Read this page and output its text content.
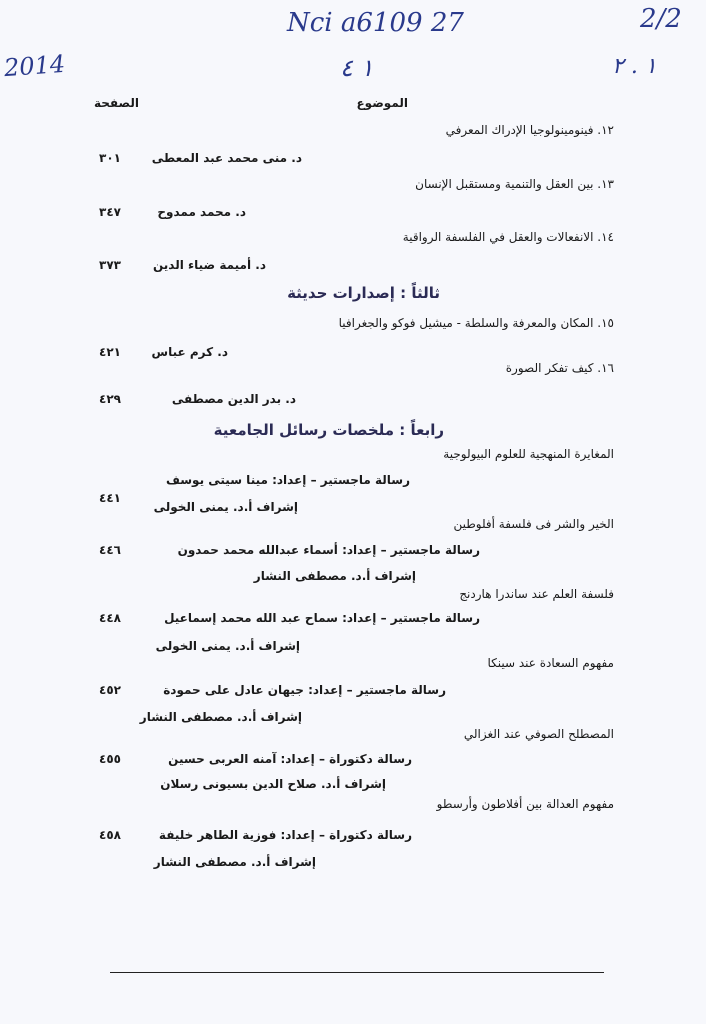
Nci a6109 27
2014	١ ٤
2/2
١ . ٢
الموضوع
الصفحة
١٢. فينومينولوجيا الإدراك المعرفي
د. منى محمد عبد المعطى
٣٠١
١٣. بين العقل والتنمية ومستقبل الإنسان
د. محمد ممدوح
٣٤٧
١٤. الانفعالات والعقل في الفلسفة الرواقية
د. أميمة ضياء الدين
٣٧٣
ثالثاً : إصدارات حديثة
١٥. المكان والمعرفة والسلطة - ميشيل فوكو والجغرافيا
د. كرم عباس
٤٢١
١٦. كيف تفكر الصورة
د. بدر الدين مصطفى
٤٢٩
رابعاً : ملخصات رسائل الجامعية
المغايرة المنهجية للعلوم البيولوجية
رسالة ماجستير – إعداد: مينا سيتى يوسف
٤٤١
إشراف أ.د. يمنى الخولى
الخير والشر فى فلسفة أفلوطين
رسالة ماجستير – إعداد: أسماء عبدالله محمد حمدون
٤٤٦
إشراف أ.د. مصطفى النشار
فلسفة العلم عند ساندرا هاردنج
رسالة ماجستير – إعداد: سماح عبد الله محمد إسماعيل
٤٤٨
إشراف أ.د. يمنى الخولى
مفهوم السعادة عند سينكا
رسالة ماجستير – إعداد: جيهان عادل على حمودة
٤٥٢
إشراف أ.د. مصطفى النشار
المصطلح الصوفي عند الغزالي
رسالة دكتوراة – إعداد: آمنه العربى حسين
٤٥٥
إشراف أ.د. صلاح الدين بسيونى رسلان
مفهوم العدالة بين أفلاطون وأرسطو
رسالة دكتوراة – إعداد: فوزية الطاهر خليفة
٤٥٨
إشراف أ.د. مصطفى النشار
